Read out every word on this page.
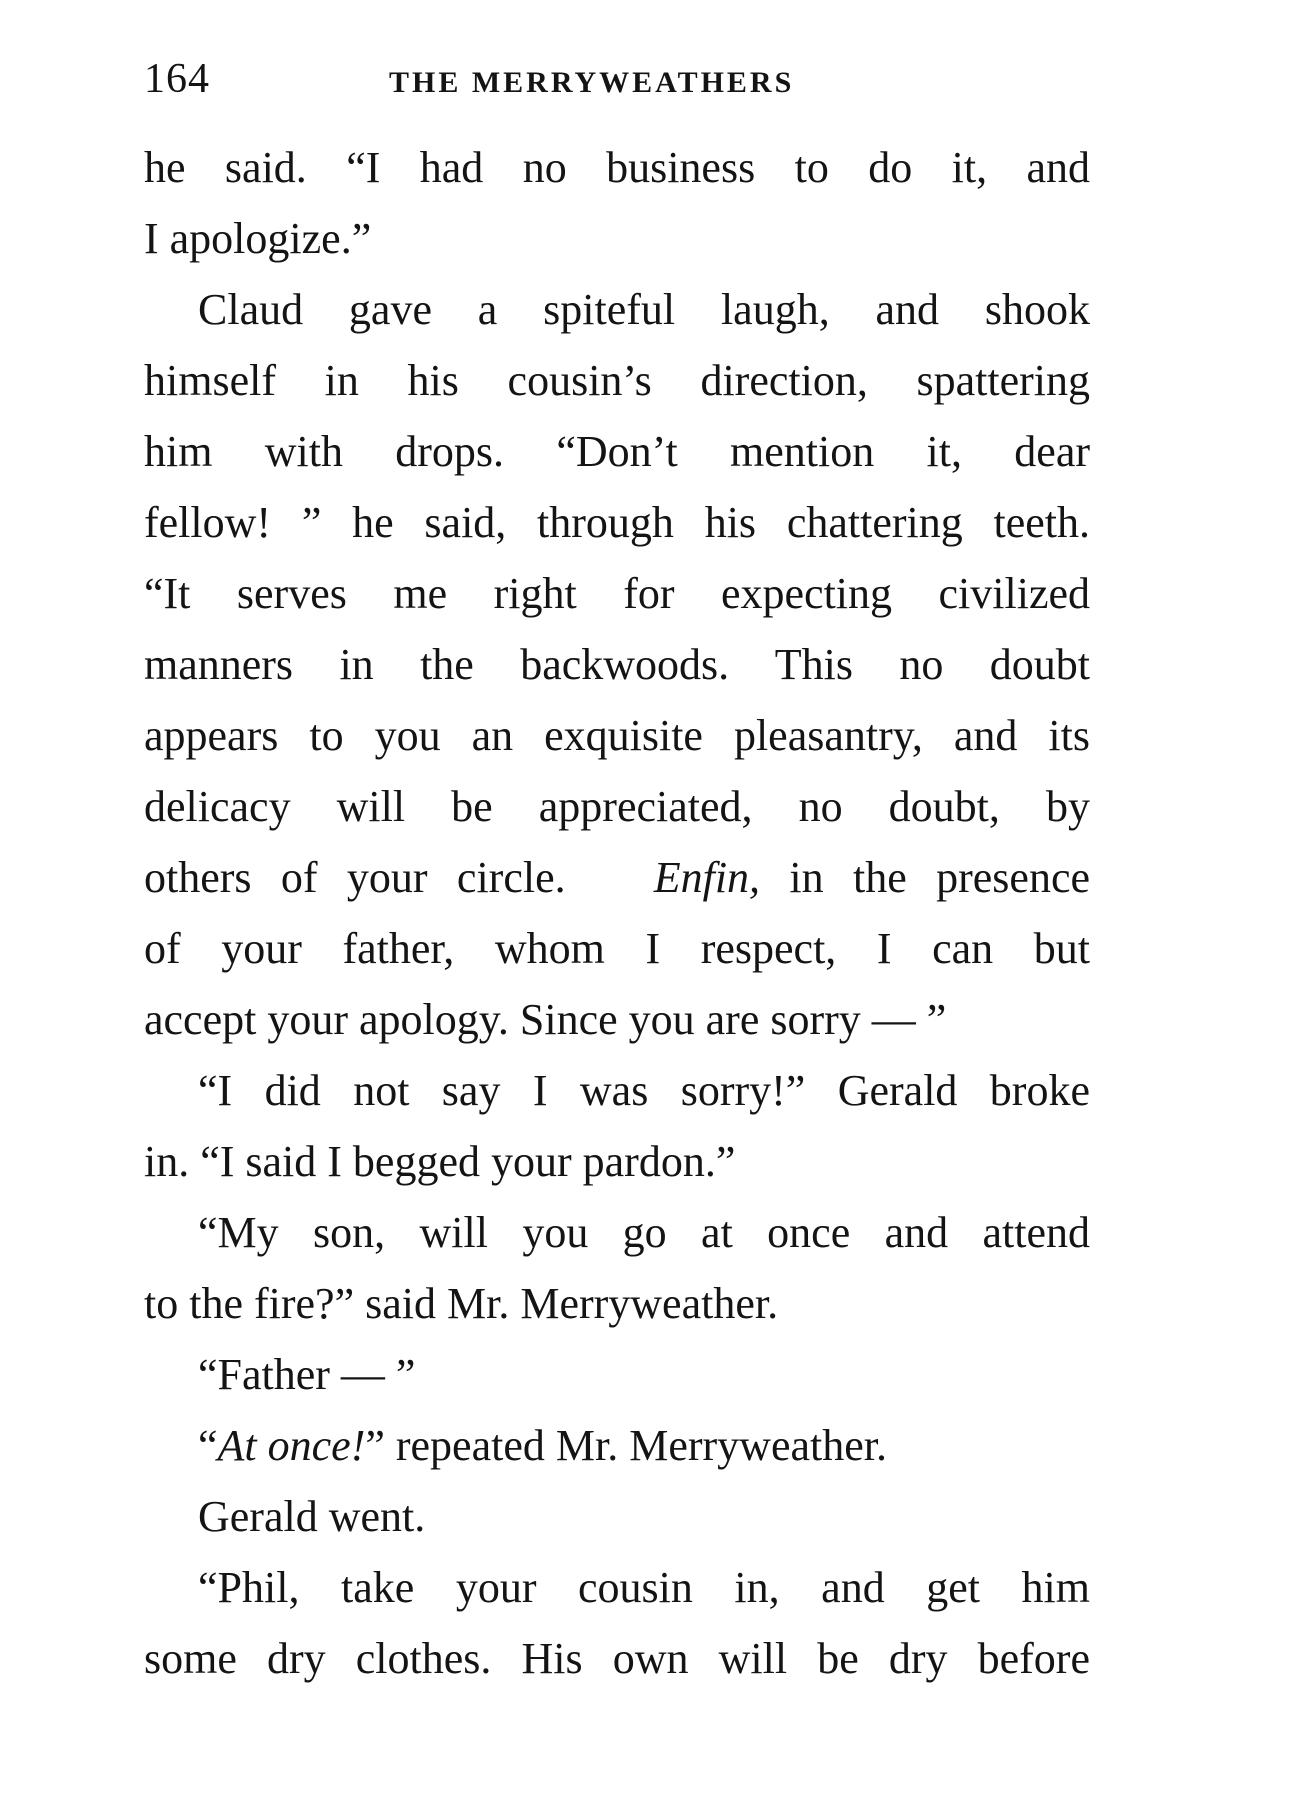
164	THE MERRYWEATHERS
he said. “I had no business to do it, and
I apologize.”
Claud gave a spiteful laugh, and shook
himself in his cousin’s direction, spattering
him with drops. “Don’t mention it, dear
fellow! ” he said, through his chattering teeth.
“It serves me right for expecting civilized
manners in the backwoods. This no doubt
appears to you an exquisite pleasantry, and its
delicacy will be appreciated, no doubt, by
others of your circle. Enfin, in the presence
of your father, whom I respect, I can but
accept your apology. Since you are sorry — ”
“I did not say I was sorry!” Gerald broke
in. “I said I begged your pardon.”
“My son, will you go at once and attend
to the fire?” said Mr. Merryweather.
“Father — ”
“At once!” repeated Mr. Merryweather.
Gerald went.
“Phil, take your cousin in, and get him
some dry clothes. His own will be dry before
